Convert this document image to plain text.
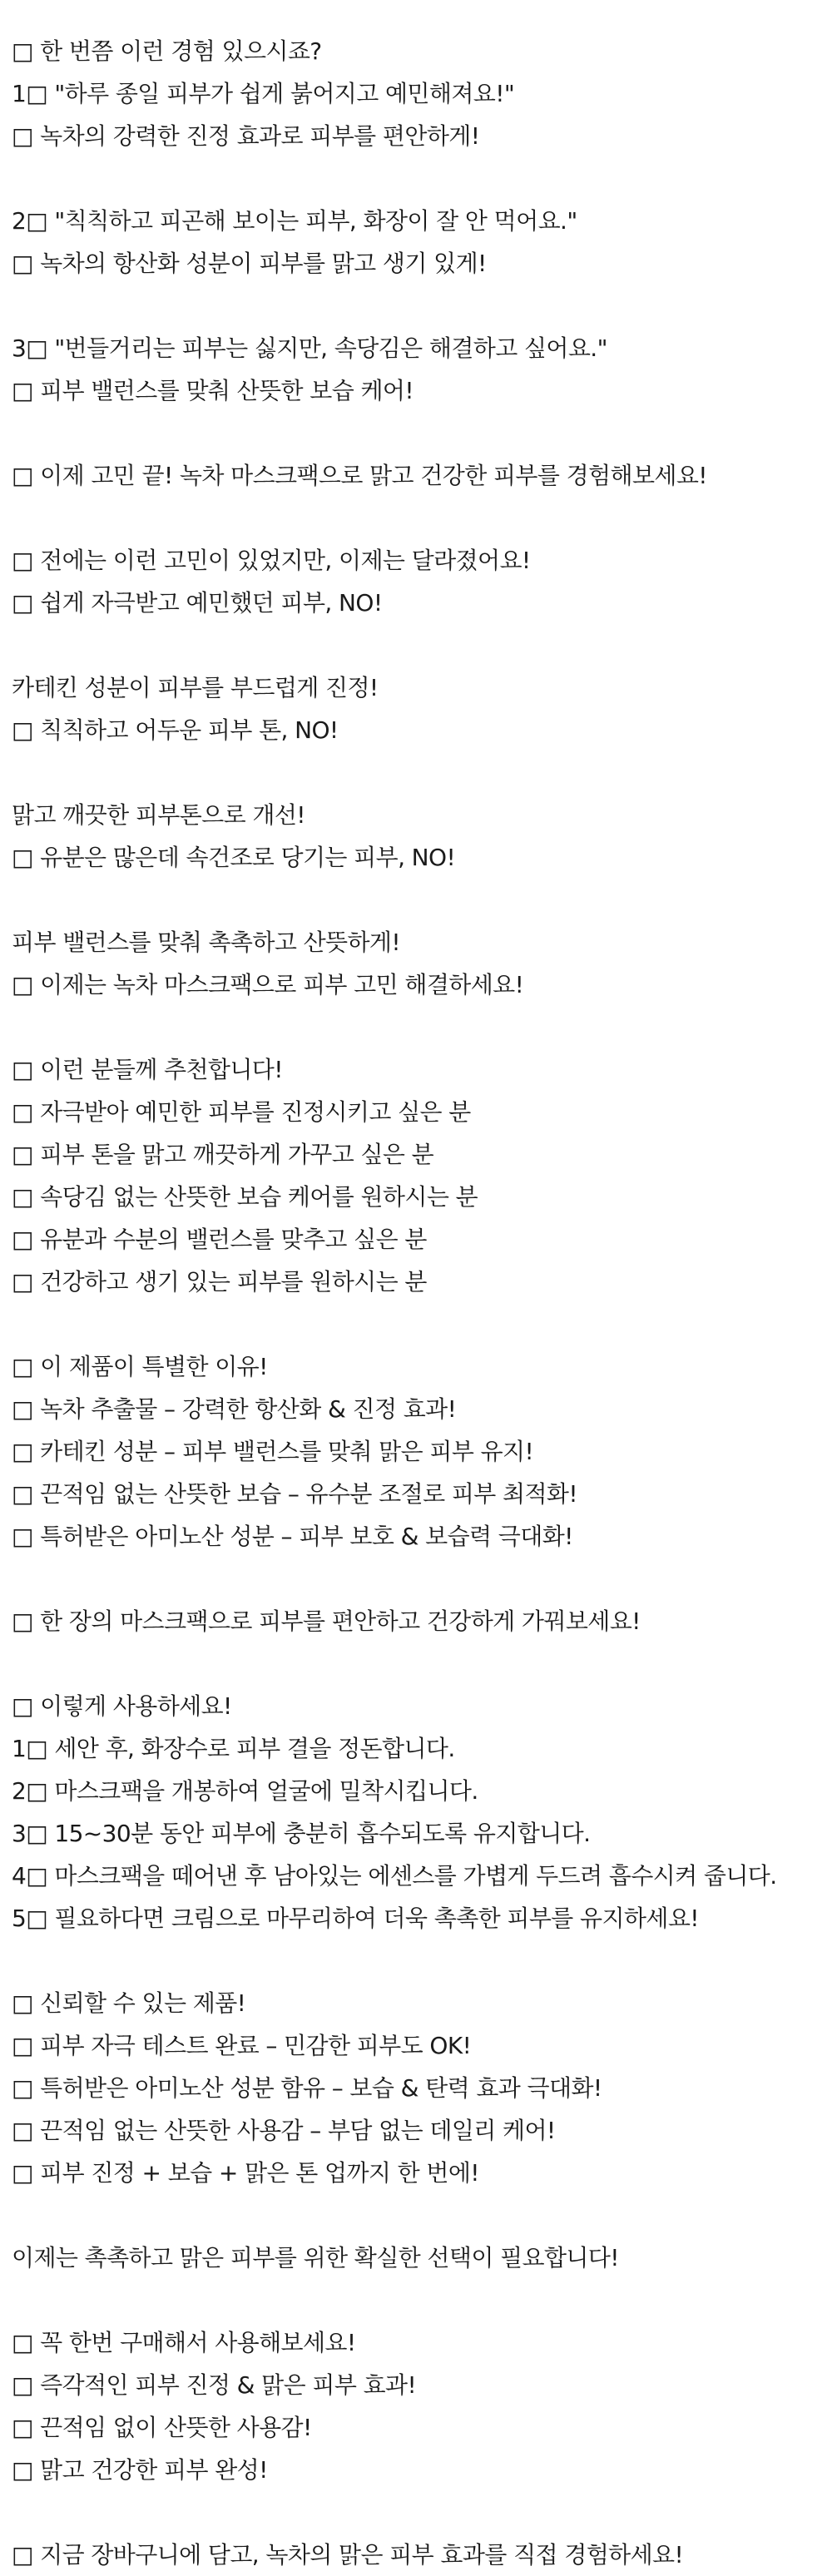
□ 한 번쯤 이런 경험 있으시죠?
1□ "하루 종일 피부가 쉽게 붉어지고 예민해져요!"
□ 녹차의 강력한 진정 효과로 피부를 편안하게!
2□ "칙칙하고 피곤해 보이는 피부, 화장이 잘 안 먹어요."
□ 녹차의 항산화 성분이 피부를 맑고 생기 있게!
3□ "번들거리는 피부는 싫지만, 속당김은 해결하고 싶어요."
□ 피부 밸런스를 맞춰 산뜻한 보습 케어!
□ 이제 고민 끝! 녹차 마스크팩으로 맑고 건강한 피부를 경험해보세요!
□ 전에는 이런 고민이 있었지만, 이제는 달라졌어요!
□ 쉽게 자극받고 예민했던 피부, NO!
카테킨 성분이 피부를 부드럽게 진정!
□ 칙칙하고 어두운 피부 톤, NO!
맑고 깨끗한 피부톤으로 개선!
□ 유분은 많은데 속건조로 당기는 피부, NO!
피부 밸런스를 맞춰 촉촉하고 산뜻하게!
□ 이제는 녹차 마스크팩으로 피부 고민 해결하세요!
□ 이런 분들께 추천합니다!
□ 자극받아 예민한 피부를 진정시키고 싶은 분
□ 피부 톤을 맑고 깨끗하게 가꾸고 싶은 분
□ 속당김 없는 산뜻한 보습 케어를 원하시는 분
□ 유분과 수분의 밸런스를 맞추고 싶은 분
□ 건강하고 생기 있는 피부를 원하시는 분
□ 이 제품이 특별한 이유!
□ 녹차 추출물 – 강력한 항산화 & 진정 효과!
□ 카테킨 성분 – 피부 밸런스를 맞춰 맑은 피부 유지!
□ 끈적임 없는 산뜻한 보습 – 유수분 조절로 피부 최적화!
□ 특허받은 아미노산 성분 – 피부 보호 & 보습력 극대화!
□ 한 장의 마스크팩으로 피부를 편안하고 건강하게 가꿔보세요!
□ 이렇게 사용하세요!
1□ 세안 후, 화장수로 피부 결을 정돈합니다.
2□ 마스크팩을 개봉하여 얼굴에 밀착시킵니다.
3□ 15~30분 동안 피부에 충분히 흡수되도록 유지합니다.
4□ 마스크팩을 떼어낸 후 남아있는 에센스를 가볍게 두드려 흡수시켜 줍니다.
5□ 필요하다면 크림으로 마무리하여 더욱 촉촉한 피부를 유지하세요!
□ 신뢰할 수 있는 제품!
□ 피부 자극 테스트 완료 – 민감한 피부도 OK!
□ 특허받은 아미노산 성분 함유 – 보습 & 탄력 효과 극대화!
□ 끈적임 없는 산뜻한 사용감 – 부담 없는 데일리 케어!
□ 피부 진정 + 보습 + 맑은 톤 업까지 한 번에!
이제는 촉촉하고 맑은 피부를 위한 확실한 선택이 필요합니다!
□ 꼭 한번 구매해서 사용해보세요!
□ 즉각적인 피부 진정 & 맑은 피부 효과!
□ 끈적임 없이 산뜻한 사용감!
□ 맑고 건강한 피부 완성!
□ 지금 장바구니에 담고, 녹차의 맑은 피부 효과를 직접 경험하세요!
